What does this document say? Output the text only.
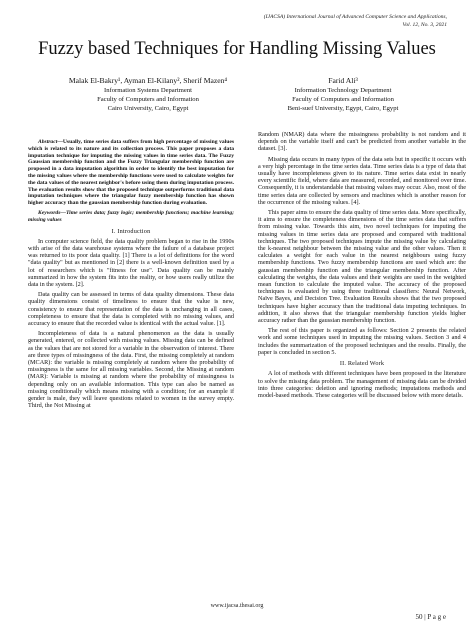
(IJACSA) International Journal of Advanced Computer Science and Applications,
Vol. 12, No. 3, 2021
Fuzzy based Techniques for Handling Missing Values
Malak El-Bakry¹, Ayman El-Kilany², Sherif Mazen⁴
Information Systems Department
Faculty of Computers and Information
Cairo University, Cairo, Egypt
Farid Ali³
Information Technology Department
Faculty of Computers and Information
Beni-suef University, Egypt, Cairo, Egypt

Abstract—Usually, time series data suffers from high percentage of missing values which is related to its nature and its collection process. This paper proposes a data imputation technique for imputing the missing values in time series data. The Fuzzy Gaussian membership function and the Fuzzy Triangular membership function are proposed in a data imputation algorithm in order to identify the best imputation for the missing values where the membership functions were used to calculate weights for the data values of the nearest neighbor's before using them during imputation process. The evaluation results show that the proposed technique outperforms traditional data imputation techniques where the triangular fuzzy membership function has shown higher accuracy than the gaussian membership function during evaluation.

Keywords—Time series data; fuzzy logic; membership functions; machine learning; missing values

I. Introduction

In computer science field, the data quality problem began to rise in the 1990s with arise of the data warehouse systems where the failure of a database project was returned to its poor data quality. [1] There is a lot of definitions for the word "data quality" but as mentioned in [2] there is a well-known definition used by a lot of researchers which is "fitness for use". Data quality can be mainly summarized in how the system fits into the reality, or how users really utilize the data in the system. [2].

Data quality can be assessed in terms of data quality dimensions. These data quality dimensions consist of timeliness to ensure that the value is new, consistency to ensure that representation of the data is unchanging in all cases, completeness to ensure that the data is completed with no missing values, and accuracy to ensure that the recorded value is identical with the actual value. [1].

Incompleteness of data is a natural phenomenon as the data is usually generated, entered, or collected with missing values. Missing data can be defined as the values that are not stored for a variable in the observation of interest. There are three types of missingness of the data. First, the missing completely at random (MCAR): the variable is missing completely at random where the probability of missingness is the same for all missing variables. Second, the Missing at random (MAR): Variable is missing at random where the probability of missingness is depending only on an available information. This type can also be named as missing conditionally which means missing with a condition; for an example if gender is male, they will leave questions related to women in the survey empty. Third, the Not Missing at

Random (NMAR) data where the missingness probability is not random and it depends on the variable itself and can't be predicted from another variable in the dataset. [3].

Missing data occurs in many types of the data sets but in specific it occurs with a very high percentage in the time series data. Time series data is a type of data that usually have incompleteness given to its nature. Time series data exist in nearly every scientific field, where data are measured, recorded, and monitored over time. Consequently, it is understandable that missing values may occur. Also, most of the time series data are collected by sensors and machines which is another reason for the occurrence of the missing values. [4].

This paper aims to ensure the data quality of time series data. More specifically, it aims to ensure the completeness dimensions of the time series data that suffers from missing value. Towards this aim, two novel techniques for imputing the missing values in time series data are proposed and compared with traditional techniques. The two proposed techniques impute the missing value by calculating the k-nearest neighbour between the missing value and the other values. Then it calculates a weight for each value in the nearest neighbours using fuzzy membership functions. Two fuzzy membership functions are used which are: the gaussian membership function and the triangular membership function. After calculating the weights, the data values and their weights are used in the weighted mean function to calculate the imputed value. The accuracy of the proposed techniques is evaluated by using three traditional classifiers: Neural Network, Naïve Bayes, and Decision Tree. Evaluation Results shows that the two proposed techniques have higher accuracy than the traditional data imputing techniques. In addition, it also shows that the triangular membership function yields higher accuracy rather than the gaussian membership function.

The rest of this paper is organized as follows: Section 2 presents the related work and some techniques used in imputing the missing values. Section 3 and 4 includes the summarization of the proposed techniques and the results. Finally, the paper is concluded in section 5.

II. Related Work

A lot of methods with different techniques have been proposed in the literature to solve the missing data problem. The management of missing data can be divided into three categories: deletion and ignoring methods; imputations methods and model-based methods. These categories will be discussed below with more details.

www.ijacsa.thesai.org
50 | P a g e
